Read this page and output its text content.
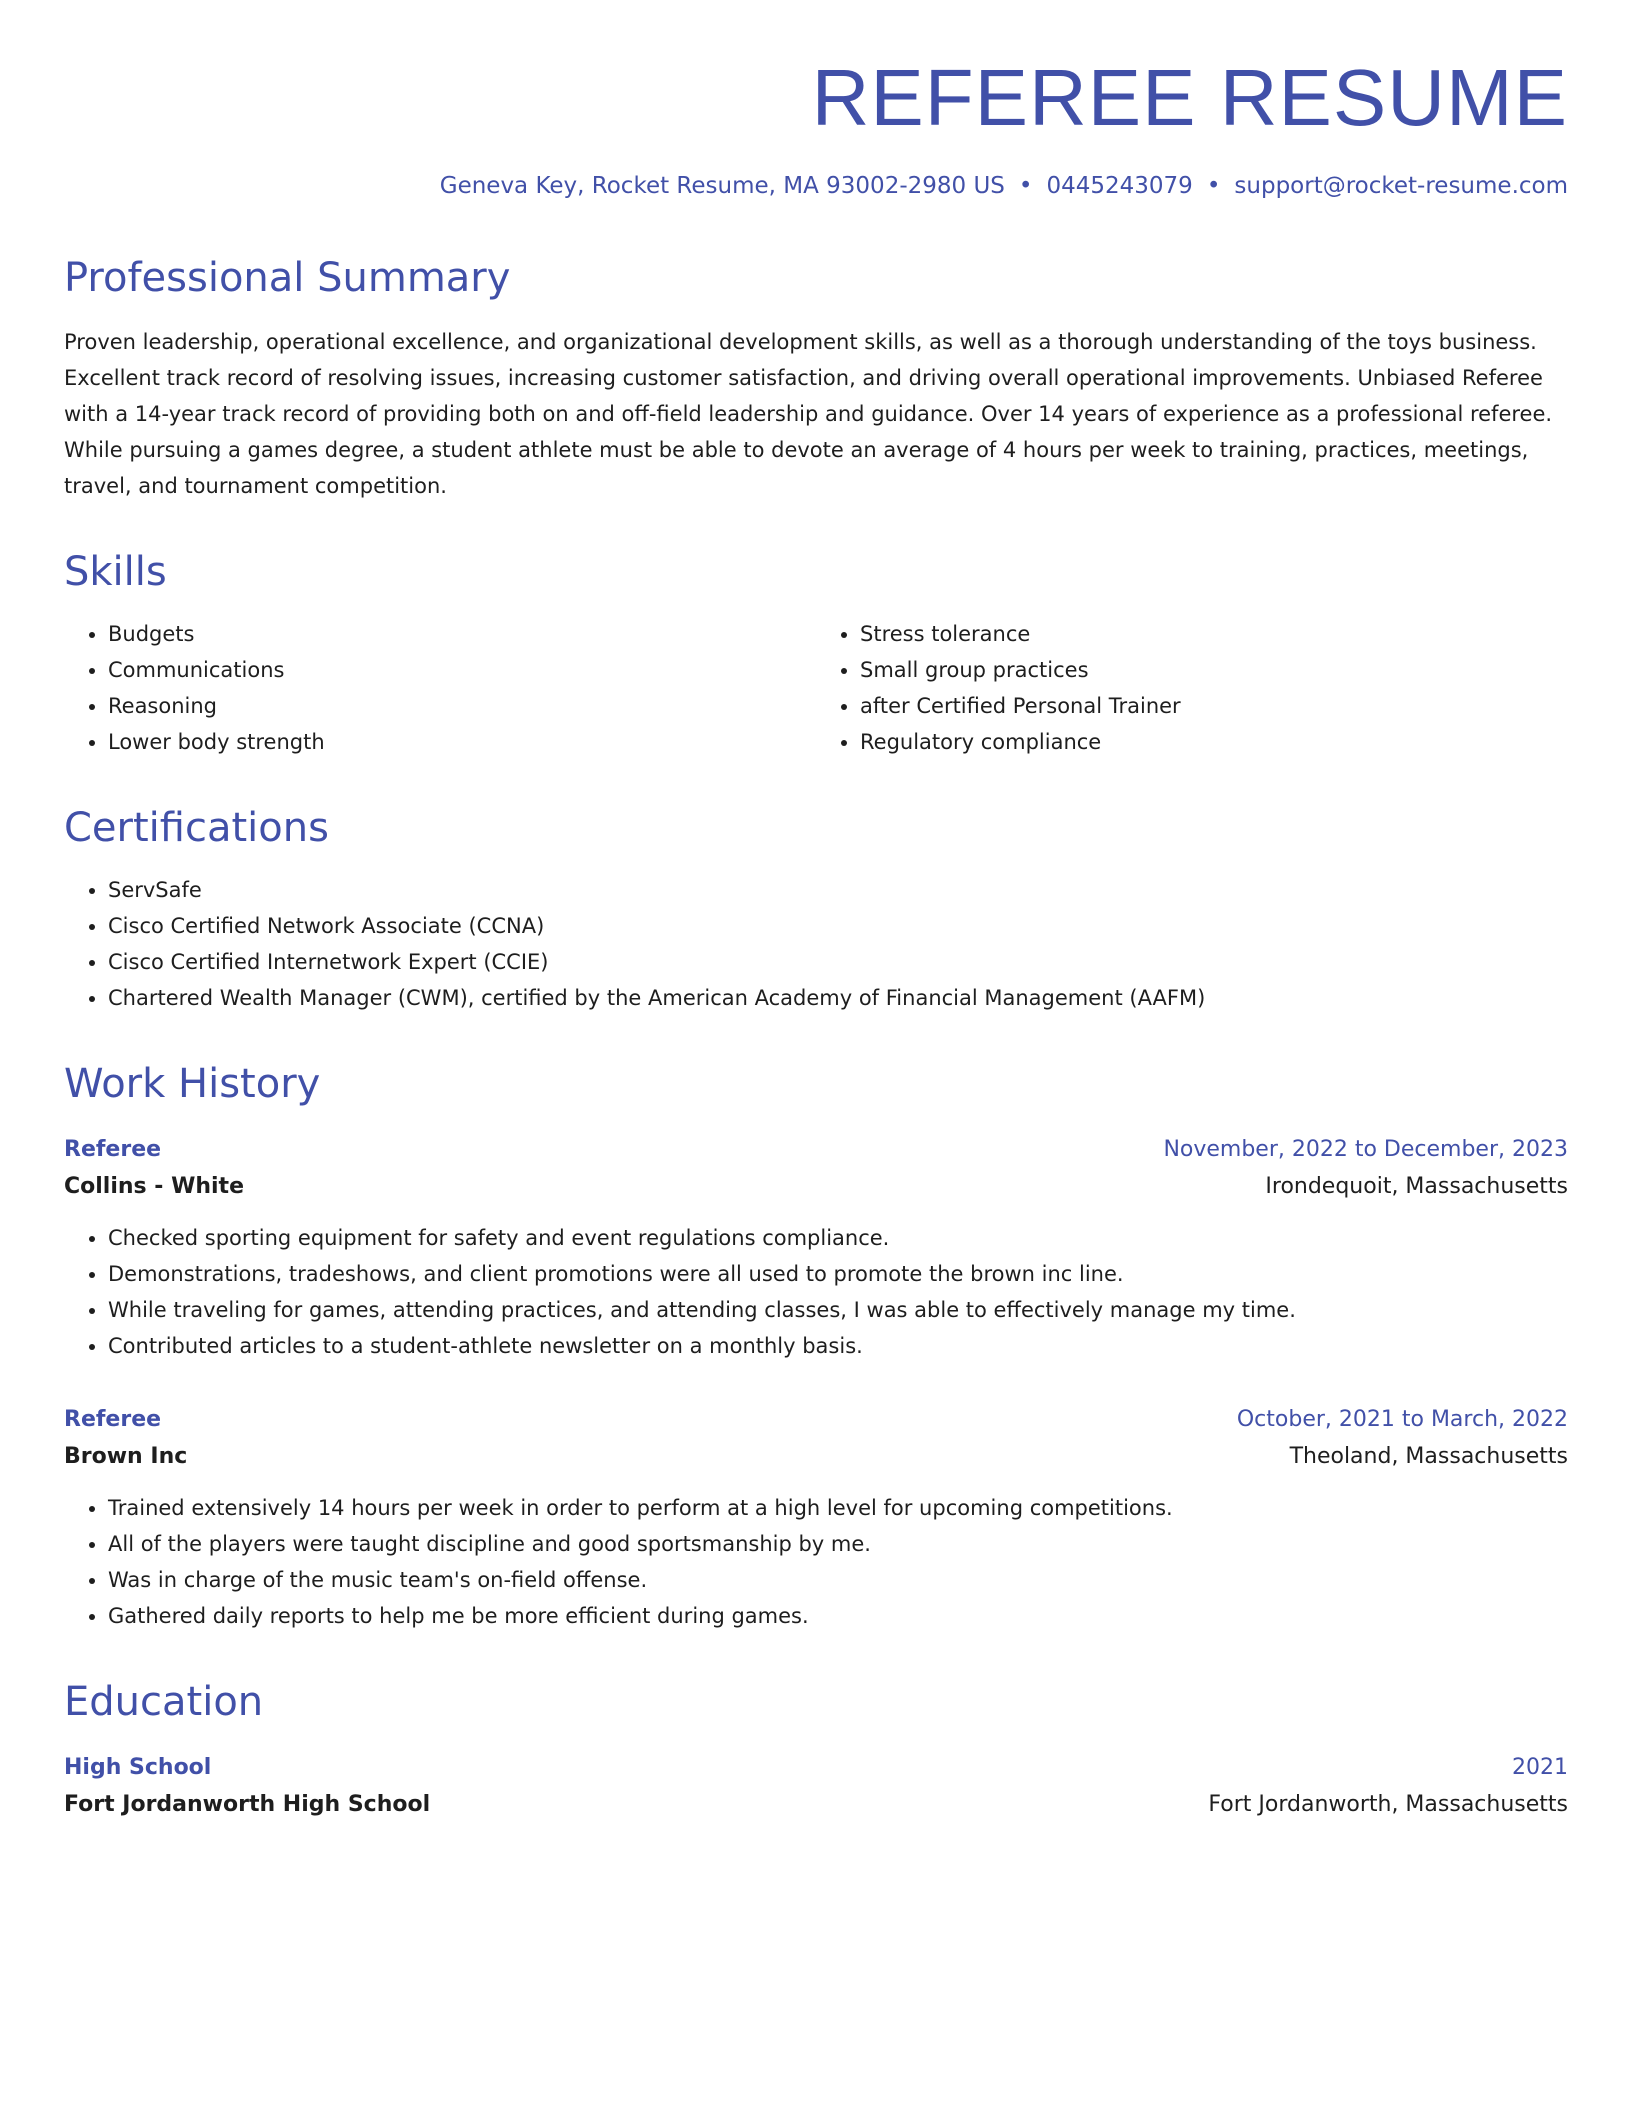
REFEREE RESUME
Geneva Key, Rocket Resume, MA 93002-2980 US • 0445243079 • support@rocket-resume.com
Professional Summary
Proven leadership, operational excellence, and organizational development skills, as well as a thorough understanding of the toys business. Excellent track record of resolving issues, increasing customer satisfaction, and driving overall operational improvements. Unbiased Referee with a 14-year track record of providing both on and off-field leadership and guidance. Over 14 years of experience as a professional referee. While pursuing a games degree, a student athlete must be able to devote an average of 4 hours per week to training, practices, meetings, travel, and tournament competition.
Skills
• Budgets
• Communications
• Reasoning
• Lower body strength
• Stress tolerance
• Small group practices
• after Certified Personal Trainer
• Regulatory compliance
Certifications
• ServSafe
• Cisco Certified Network Associate (CCNA)
• Cisco Certified Internetwork Expert (CCIE)
• Chartered Wealth Manager (CWM), certified by the American Academy of Financial Management (AAFM)
Work History
Referee	November, 2022 to December, 2023
Collins - White	Irondequoit, Massachusetts
• Checked sporting equipment for safety and event regulations compliance.
• Demonstrations, tradeshows, and client promotions were all used to promote the brown inc line.
• While traveling for games, attending practices, and attending classes, I was able to effectively manage my time.
• Contributed articles to a student-athlete newsletter on a monthly basis.
Referee	October, 2021 to March, 2022
Brown Inc	Theoland, Massachusetts
• Trained extensively 14 hours per week in order to perform at a high level for upcoming competitions.
• All of the players were taught discipline and good sportsmanship by me.
• Was in charge of the music team's on-field offense.
• Gathered daily reports to help me be more efficient during games.
Education
High School	2021
Fort Jordanworth High School	Fort Jordanworth, Massachusetts
